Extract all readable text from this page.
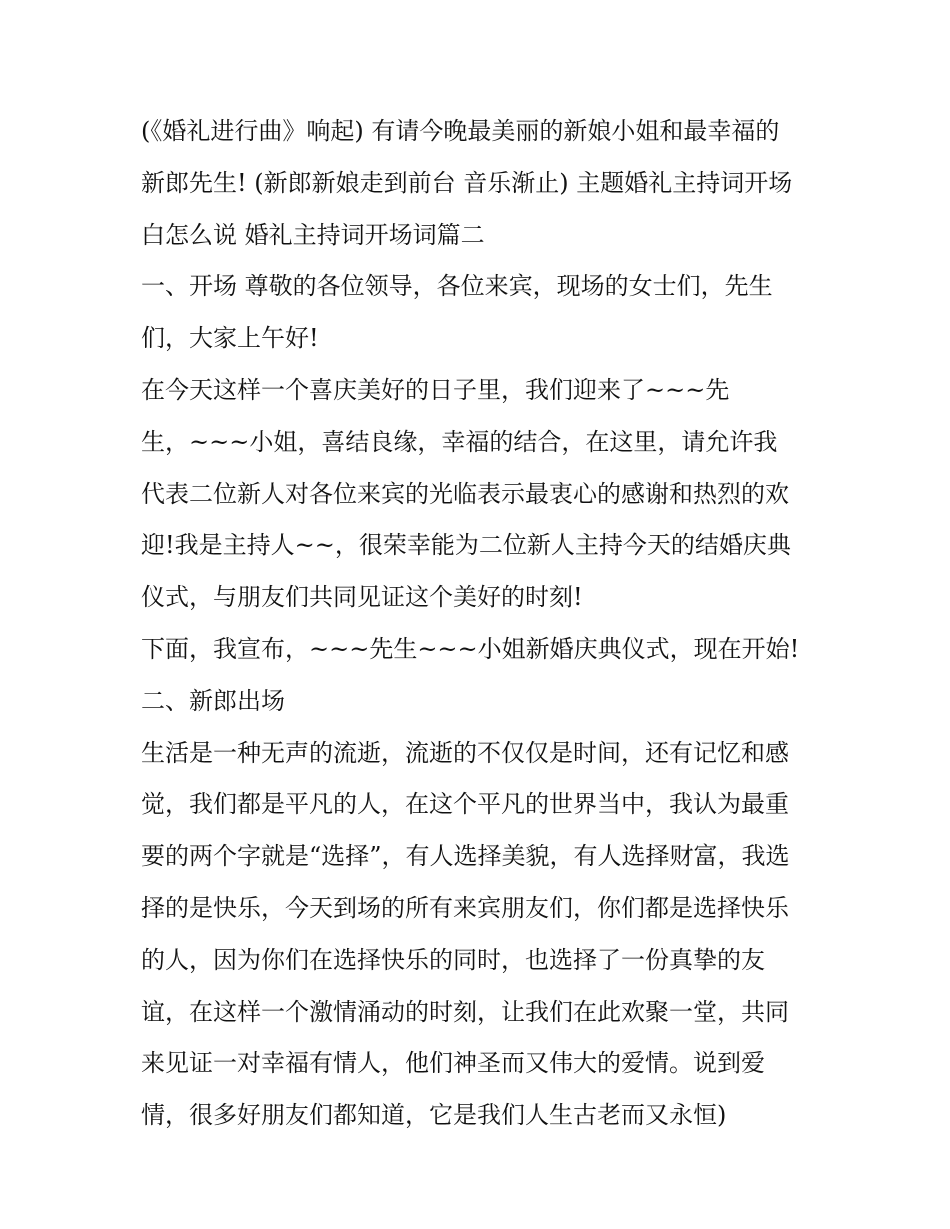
(《婚礼进行曲》响起) 有请今晚最美丽的新娘小姐和最幸福的
新郎先生! (新郎新娘走到前台 音乐渐止) 主题婚礼主持词开场
白怎么说 婚礼主持词开场词篇二
一、开场 尊敬的各位领导，各位来宾，现场的女士们，先生
们，大家上午好!
在今天这样一个喜庆美好的日子里，我们迎来了~~~先
生，~~~小姐，喜结良缘，幸福的结合，在这里，请允许我
代表二位新人对各位来宾的光临表示最衷心的感谢和热烈的欢
迎!我是主持人~~，很荣幸能为二位新人主持今天的结婚庆典
仪式，与朋友们共同见证这个美好的时刻!
下面，我宣布，~~~先生~~~小姐新婚庆典仪式，现在开始!
二、新郎出场
生活是一种无声的流逝，流逝的不仅仅是时间，还有记忆和感
觉，我们都是平凡的人，在这个平凡的世界当中，我认为最重
要的两个字就是“选择”，有人选择美貌，有人选择财富，我选
择的是快乐，今天到场的所有来宾朋友们，你们都是选择快乐
的人，因为你们在选择快乐的同时，也选择了一份真挚的友
谊，在这样一个激情涌动的时刻，让我们在此欢聚一堂，共同
来见证一对幸福有情人，他们神圣而又伟大的爱情。说到爱
情，很多好朋友们都知道，它是我们人生古老而又永恒)
